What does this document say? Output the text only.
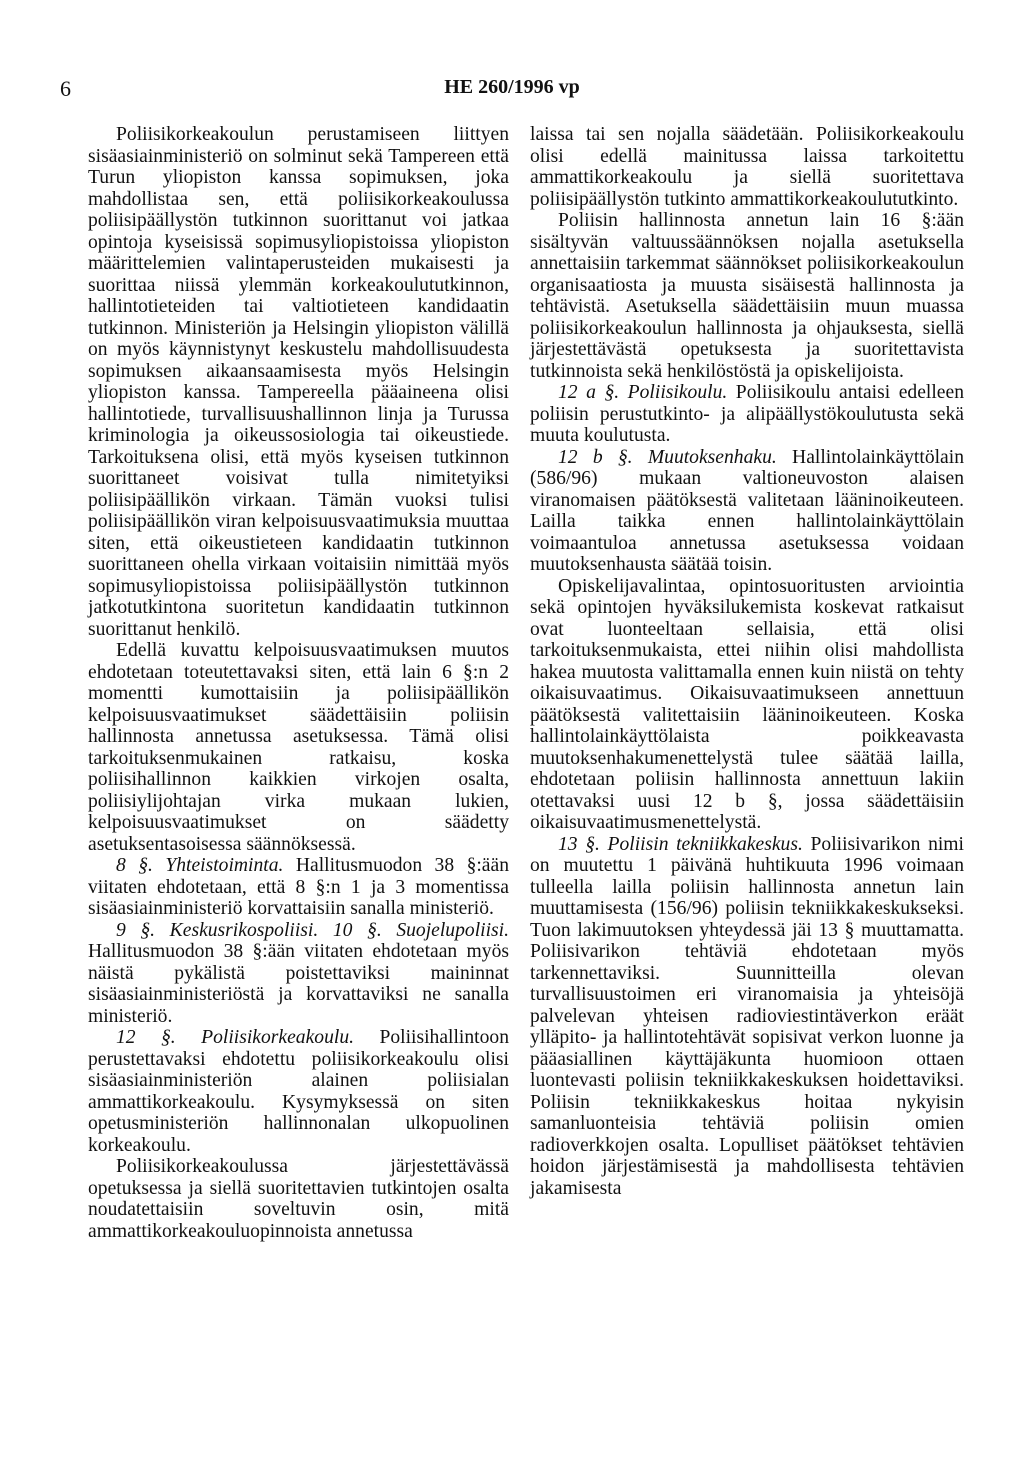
6	HE 260/1996 vp

Poliisikorkeakoulun perustamiseen liittyen sisäasiainministeriö on solminut sekä Tampereen että Turun yliopiston kanssa sopimuksen, joka mahdollistaa sen, että poliisikorkeakoulussa poliisipäällystön tutkinnon suorittanut voi jatkaa opintoja kyseisissä sopimusyliopistoissa yliopiston määrittelemien valintaperusteiden mukaisesti ja suorittaa niissä ylemmän korkeakoulututkinnon, hallintotieteiden tai valtiotieteen kandidaatin tutkinnon. Ministeriön ja Helsingin yliopiston välillä on myös käynnistynyt keskustelu mahdollisuudesta sopimuksen aikaansaamisesta myös Helsingin yliopiston kanssa. Tampereella pääaineena olisi hallintotiede, turvallisuushallinnon linja ja Turussa kriminologia ja oikeussosiologia tai oikeustiede. Tarkoituksena olisi, että myös kyseisen tutkinnon suorittaneet voisivat tulla nimitetyiksi poliisipäällikön virkaan. Tämän vuoksi tulisi poliisipäällikön viran kelpoisuusvaatimuksia muuttaa siten, että oikeustieteen kandidaatin tutkinnon suorittaneen ohella virkaan voitaisiin nimittää myös sopimusyliopistoissa poliisipäällystön tutkinnon jatkotutkintona suoritetun kandidaatin tutkinnon suorittanut henkilö.

Edellä kuvattu kelpoisuusvaatimuksen muutos ehdotetaan toteutettavaksi siten, että lain 6 §:n 2 momentti kumottaisiin ja poliisipäällikön kelpoisuusvaatimukset säädettäisiin poliisin hallinnosta annetussa asetuksessa. Tämä olisi tarkoituksenmukainen ratkaisu, koska poliisihallinnon kaikkien virkojen osalta, poliisiylijohtajan virka mukaan lukien, kelpoisuusvaatimukset on säädetty asetuksentasoisessa säännöksessä.

8 §. Yhteistoiminta. Hallitusmuodon 38 §:ään viitaten ehdotetaan, että 8 §:n 1 ja 3 momentissa sisäasiainministeriö korvattaisiin sanalla ministeriö.

9 §. Keskusrikospoliisi. 10 §. Suojelupoliisi. Hallitusmuodon 38 §:ään viitaten ehdotetaan myös näistä pykälistä poistettaviksi maininnat sisäasiainministeriöstä ja korvattaviksi ne sanalla ministeriö.

12 §. Poliisikorkeakoulu. Poliisihallintoon perustettavaksi ehdotettu poliisikorkeakoulu olisi sisäasiainministeriön alainen poliisialan ammattikorkeakoulu. Kysymyksessä on siten opetusministeriön hallinnonalan ulkopuolinen korkeakoulu.

Poliisikorkeakoulussa järjestettävässä opetuksessa ja siellä suoritettavien tutkintojen osalta noudatettaisiin soveltuvin osin, mitä ammattikorkeakouluopinnoista annetussa

laissa tai sen nojalla säädetään. Poliisikorkeakoulu olisi edellä mainitussa laissa tarkoitettu ammattikorkeakoulu ja siellä suoritettava poliisipäällystön tutkinto ammattikorkeakoulututkinto.

Poliisin hallinnosta annetun lain 16 §:ään sisältyvän valtuussäännöksen nojalla asetuksella annettaisiin tarkemmat säännökset poliisikorkeakoulun organisaatiosta ja muusta sisäisestä hallinnosta ja tehtävistä. Asetuksella säädettäisiin muun muassa poliisikorkeakoulun hallinnosta ja ohjauksesta, siellä järjestettävästä opetuksesta ja suoritettavista tutkinnoista sekä henkilöstöstä ja opiskelijoista.

12 a §. Poliisikoulu. Poliisikoulu antaisi edelleen poliisin perustutkinto- ja alipäällystökoulutusta sekä muuta koulutusta.

12 b §. Muutoksenhaku. Hallintolainkäyttölain (586/96) mukaan valtioneuvoston alaisen viranomaisen päätöksestä valitetaan lääninoikeuteen. Lailla taikka ennen hallintolainkäyttölain voimaantuloa annetussa asetuksessa voidaan muutoksenhausta säätää toisin.

Opiskelijavalintaa, opintosuoritusten arviointia sekä opintojen hyväksilukemista koskevat ratkaisut ovat luonteeltaan sellaisia, että olisi tarkoituksenmukaista, ettei niihin olisi mahdollista hakea muutosta valittamalla ennen kuin niistä on tehty oikaisuvaatimus. Oikaisuvaatimukseen annettuun päätöksestä valitettaisiin lääninoikeuteen. Koska hallintolainkäyttölaista poikkeavasta muutoksenhakumenettelystä tulee säätää lailla, ehdotetaan poliisin hallinnosta annettuun lakiin otettavaksi uusi 12 b §, jossa säädettäisiin oikaisuvaatimusmenettelystä.

13 §. Poliisin tekniikkakeskus. Poliisivarikon nimi on muutettu 1 päivänä huhtikuuta 1996 voimaan tulleella lailla poliisin hallinnosta annetun lain muuttamisesta (156/96) poliisin tekniikkakeskukseksi. Tuon lakimuutoksen yhteydessä jäi 13 § muuttamatta. Poliisivarikon tehtäviä ehdotetaan myös tarkennettaviksi. Suunnitteilla olevan turvallisuustoimen eri viranomaisia ja yhteisöjä palvelevan yhteisen radioviestintäverkon eräät ylläpito- ja hallintotehtävät sopisivat verkon luonne ja pääasiallinen käyttäjäkunta huomioon ottaen luontevasti poliisin tekniikkakeskuksen hoidettaviksi. Poliisin tekniikkakeskus hoitaa nykyisin samanluonteisia tehtäviä poliisin omien radioverkkojen osalta. Lopulliset päätökset tehtävien hoidon järjestämisestä ja mahdollisesta tehtävien jakamisesta
